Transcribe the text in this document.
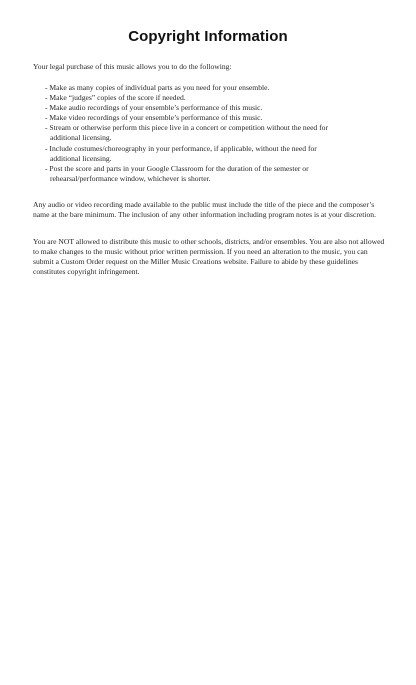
Copyright Information

Your legal purchase of this music allows you to do the following:

- Make as many copies of individual parts as you need for your ensemble.
- Make “judges” copies of the score if needed.
- Make audio recordings of your ensemble’s performance of this music.
- Make video recordings of your ensemble’s performance of this music.
- Stream or otherwise perform this piece live in a concert or competition without the need for additional licensing.
- Include costumes/choreography in your performance, if applicable, without the need for additional licensing.
- Post the score and parts in your Google Classroom for the duration of the semester or rehearsal/performance window, whichever is shorter.

Any audio or video recording made available to the public must include the title of the piece and the composer’s name at the bare minimum. The inclusion of any other information including program notes is at your discretion.

You are NOT allowed to distribute this music to other schools, districts, and/or ensembles. You are also not allowed to make changes to the music without prior written permission. If you need an alteration to the music, you can submit a Custom Order request on the Miller Music Creations website. Failure to abide by these guidelines constitutes copyright infringement.
